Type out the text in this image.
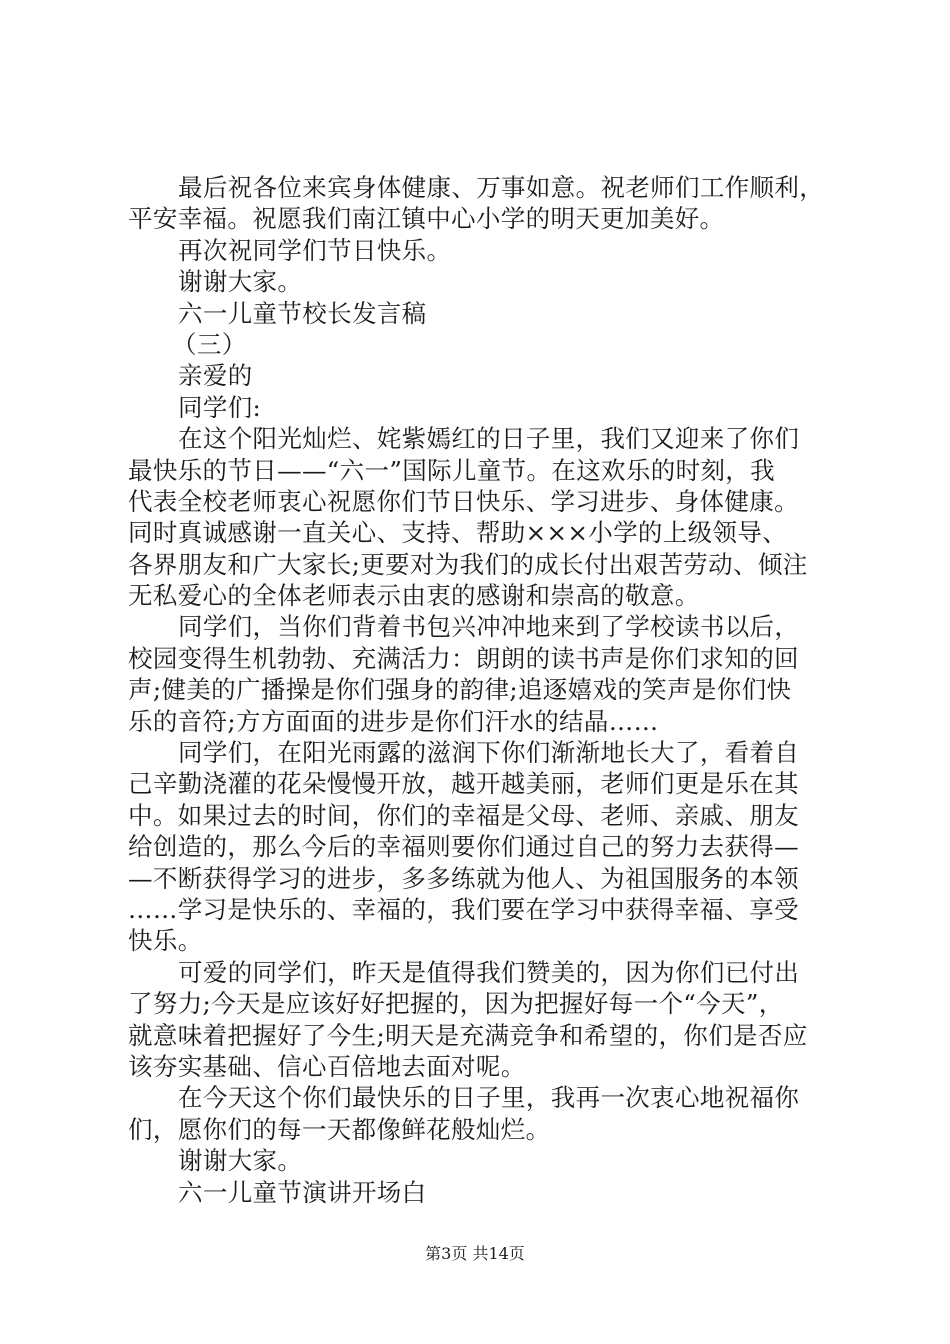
最后祝各位来宾身体健康、万事如意。祝老师们工作顺利，
平安幸福。祝愿我们南江镇中心小学的明天更加美好。
再次祝同学们节日快乐。
谢谢大家。
六一儿童节校长发言稿
（三）
亲爱的
同学们:
在这个阳光灿烂、姹紫嫣红的日子里，我们又迎来了你们
最快乐的节日——“六一”国际儿童节。在这欢乐的时刻，我
代表全校老师衷心祝愿你们节日快乐、学习进步、身体健康。
同时真诚感谢一直关心、支持、帮助×××小学的上级领导、
各界朋友和广大家长;更要对为我们的成长付出艰苦劳动、倾注
无私爱心的全体老师表示由衷的感谢和崇高的敬意。
同学们，当你们背着书包兴冲冲地来到了学校读书以后，
校园变得生机勃勃、充满活力：朗朗的读书声是你们求知的回
声;健美的广播操是你们强身的韵律;追逐嬉戏的笑声是你们快
乐的音符;方方面面的进步是你们汗水的结晶……
同学们，在阳光雨露的滋润下你们渐渐地长大了，看着自
己辛勤浇灌的花朵慢慢开放，越开越美丽，老师们更是乐在其
中。如果过去的时间，你们的幸福是父母、老师、亲戚、朋友
给创造的，那么今后的幸福则要你们通过自己的努力去获得—
—不断获得学习的进步，多多练就为他人、为祖国服务的本领
……学习是快乐的、幸福的，我们要在学习中获得幸福、享受
快乐。
可爱的同学们，昨天是值得我们赞美的，因为你们已付出
了努力;今天是应该好好把握的，因为把握好每一个“今天”，
就意味着把握好了今生;明天是充满竞争和希望的，你们是否应
该夯实基础、信心百倍地去面对呢。
在今天这个你们最快乐的日子里，我再一次衷心地祝福你
们，愿你们的每一天都像鲜花般灿烂。
谢谢大家。
六一儿童节演讲开场白
第3页 共14页
